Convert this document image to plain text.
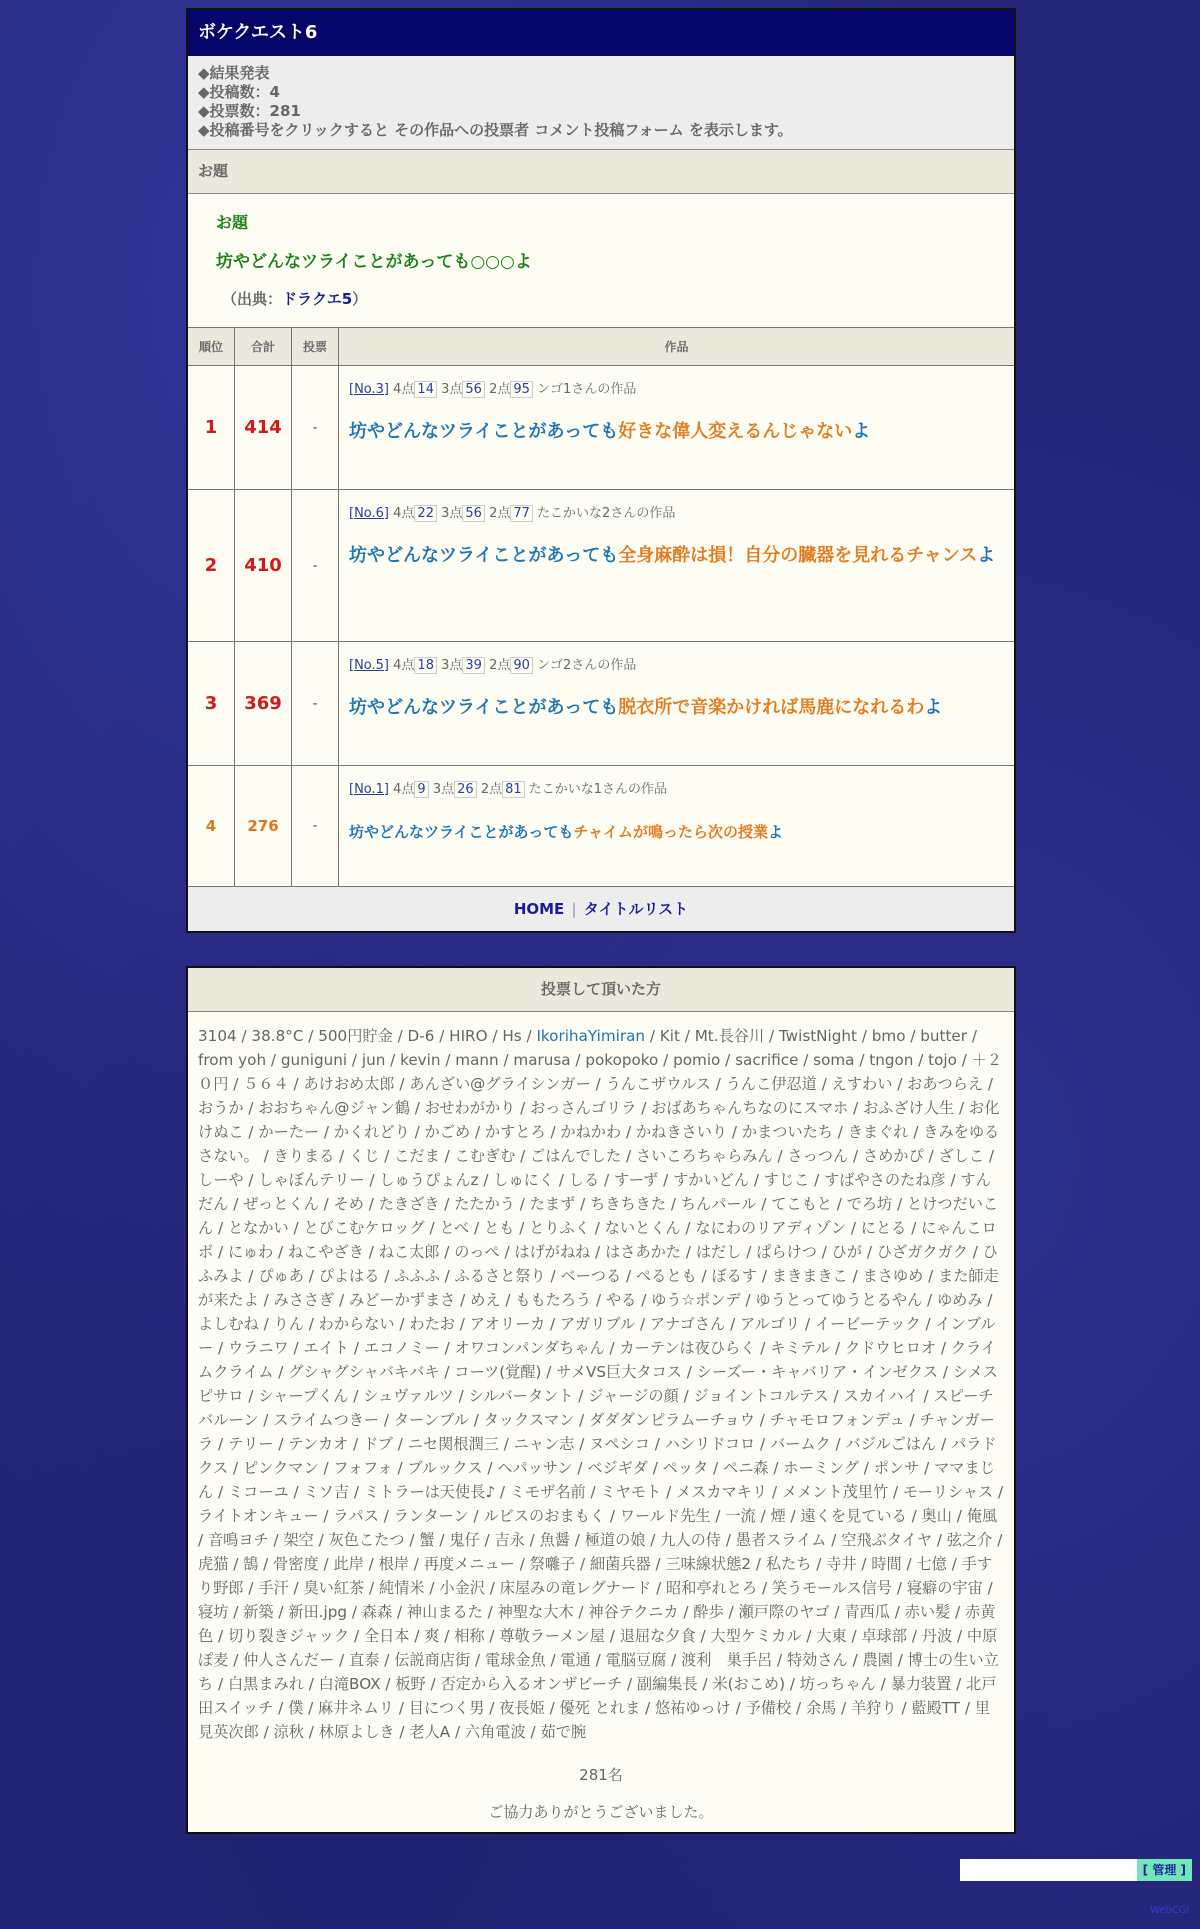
ボケクエスト6
◆結果発表
◆投稿数：4
◆投票数：281
◆投稿番号をクリックすると その作品への投票者 コメント投稿フォーム を表示します。
お題
お題
坊やどんなツライことがあっても○○○よ
（出典：ドラクエ5）
順位	合計	投票	作品
1	414	-	[No.3] 4点 14 3点 56 2点 95 ンゴ1さんの作品
坊やどんなツライことがあっても好きな偉人変えるんじゃないよ

2	410	-	[No.6] 4点 22 3点 56 2点 77 たこかいな2さんの作品
坊やどんなツライことがあっても全身麻酔は損！自分の臓器を見れるチャンスよ

3	369	-	[No.5] 4点 18 3点 39 2点 90 ンゴ2さんの作品
坊やどんなツライことがあっても脱衣所で音楽かければ馬鹿になれるわよ

4	276	-	[No.1] 4点 9 3点 26 2点 81 たこかいな1さんの作品
坊やどんなツライことがあってもチャイムが鳴ったら次の授業よ
HOME | タイトルリスト
投票して頂いた方
3104 / 38.8°C / 500円貯金 / D-6 / HIRO / Hs / IkorihaYimiran / Kit / Mt.長谷川 / TwistNight / bmo / butter / from yoh / guniguni / jun / kevin / mann / marusa / pokopoko / pomio / sacrifice / soma / tngon / tojo / ＋２０円 / ５６４ / あけおめ太郎 / あんざい@グライシンガー / うんこザウルス / うんこ伊忍道 / えすわい / おあつらえ / おうか / おおちゃん@ジャン鶴 / おせわがかり / おっさんゴリラ / おばあちゃんちなのにスマホ / おふざけ人生 / お化けぬこ / かーたー / かくれどり / かごめ / かすとろ / かねかわ / かねきさいり / かまついたち / きまぐれ / きみをゆるさない。 / きりまる / くじ / こだま / こむぎむ / ごはんでした / さいころちゃらみん / さっつん / さめかぴ / ざしこ / しーや / しゃぼんテリー / しゅうぴょんz / しゅにく / しる / すーず / すかいどん / すじこ / すばやさのたね彦 / すんだん / ぜっとくん / そめ / たきざき / たたかう / たまず / ちきちきた / ちんパール / てこもと / でろ坊 / とけつだいこん / となかい / とびこむケロッグ / とべ / とも / とりふく / ないとくん / なにわのリアディゾン / にとる / にゃんこロボ / にゅわ / ねこやざき / ねこ太郎 / のっぺ / はげがねね / はさあかた / はだし / ぱらけつ / ひが / ひざガクガク / ひふみよ / ぴゅあ / ぴよはる / ふふふ / ふるさと祭り / ベーつる / ぺるとも / ぼるす / まきまきこ / まさゆめ / また師走が来たよ / みささぎ / みどーかずまさ / めえ / ももたろう / やる / ゆう☆ポンデ / ゆうとってゆうとるやん / ゆめみ / よしむね / りん / わからない / わたお / アオリーカ / アガリブル / アナゴさん / アルゴリ / イービーテック / インブルー / ウラニワ / エイト / エコノミー / オワコンパンダちゃん / カーテンは夜ひらく / キミテル / クドウヒロオ / クライムクライム / グシャグシャバキバキ / コーツ(覚醒) / サメVS巨大タコス / シーズー・キャバリア・インゼクス / シメスピサロ / シャープくん / シュヴァルツ / シルバータント / ジャージの顔 / ジョイントコルテス / スカイハイ / スピーチバルーン / スライムつきー / ターンブル / タックスマン / ダダダンピラムーチョウ / チャモロフォンデュ / チャンガーラ / テリー / テンカオ / ドブ / ニセ関根潤三 / ニャン志 / ヌペシコ / ハシリドコロ / バームク / バジルごはん / パラドクス / ピンクマン / フォフォ / ブルックス / ヘパッサン / ベジギダ / ペッタ / ペニ森 / ホーミング / ポンサ / ママまじん / ミコーユ / ミソ吉 / ミトラーは天使長♪ / ミモザ名前 / ミヤモト / メスカマキリ / メメント茂里竹 / モーリシャス / ライトオンキュー / ラパス / ランターン / ルビスのおまもく / ワールド先生 / 一流 / 煙 / 遠くを見ている / 奥山 / 俺風 / 音鳴ヨチ / 架空 / 灰色こたつ / 蟹 / 鬼仔 / 吉永 / 魚醤 / 極道の娘 / 九人の侍 / 愚者スライム / 空飛ぶタイヤ / 弦之介 / 虎猫 / 鵠 / 骨密度 / 此岸 / 根岸 / 再度メニュー / 祭囃子 / 細菌兵器 / 三味線状態2 / 私たち / 寺井 / 時間 / 七億 / 手すり野郎 / 手汗 / 臭い紅茶 / 純情米 / 小金沢 / 床屋みの竜レグナード / 昭和亭れとろ / 笑うモールス信号 / 寝癖の宇宙 / 寝坊 / 新築 / 新田.jpg / 森森 / 神山まるた / 神聖な大木 / 神谷テクニカ / 酔歩 / 瀬戸際のヤゴ / 青西瓜 / 赤い髪 / 赤黄色 / 切り裂きジャック / 全日本 / 爽 / 相称 / 尊敬ラーメン屋 / 退屈な夕食 / 大型ケミカル / 大東 / 卓球部 / 丹波 / 中原ぽ麦 / 仲人さんだー / 直泰 / 伝説商店街 / 電球金魚 / 電通 / 電脳豆腐 / 渡利　巣手呂 / 特効さん / 農園 / 博士の生い立ち / 白黒まみれ / 白滝BOX / 板野 / 否定から入るオンザビーチ / 副編集長 / 米(おこめ) / 坊っちゃん / 暴力装置 / 北戸田スイッチ / 僕 / 麻井ネムリ / 目につく男 / 夜長姫 / 優死 とれま / 悠祐ゆっけ / 予備校 / 余馬 / 羊狩り / 藍殿TT / 里見英次郎 / 涼秋 / 林原よしき / 老人A / 六角電波 / 茹で腕
281名
ご協力ありがとうございました。
[ 管理 ]
WebCGI
